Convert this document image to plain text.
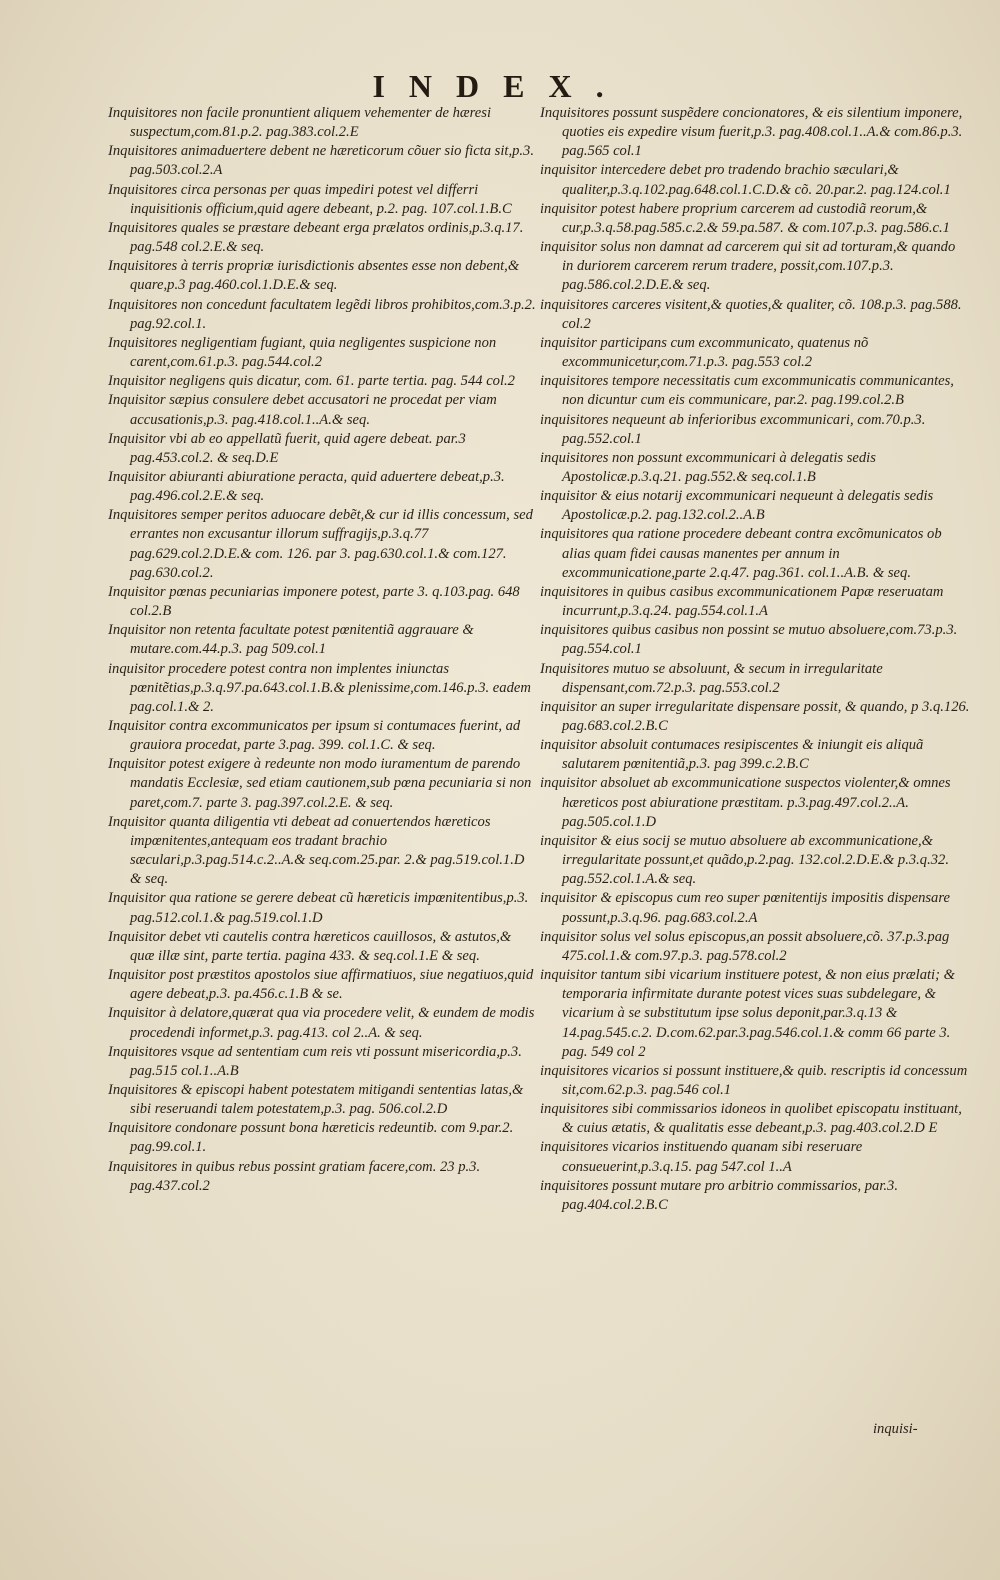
INDEX.
Inquisitores non facile pronuntient aliquem vehementer de hæresi suspectum,com.81.p.2. pag.383.col.2.E
Inquisitores animaduertere debent ne hæreticorum cõuer sio ficta sit,p.3. pag.503.col.2.A
Inquisitores circa personas per quas impediri potest vel differri inquisitionis officium,quid agere debeant, p.2. pag. 107.col.1.B.C
Inquisitores quales se præstare debeant erga prælatos ordinis,p.3.q.17. pag.548 col.2.E.& seq.
Inquisitores à terris propriæ iurisdictionis absentes esse non debent,& quare,p.3 pag.460.col.1.D.E.& seq.
Inquisitores non concedunt facultatem legẽdi libros prohibitos,com.3.p.2. pag.92.col.1.
Inquisitores negligentiam fugiant, quia negligentes suspicione non carent,com.61.p.3. pag.544.col.2
Inquisitor negligens quis dicatur, com. 61. parte tertia. pag. 544 col.2
Inquisitor sæpius consulere debet accusatori ne procedat per viam accusationis,p.3. pag.418.col.1..A.& seq.
Inquisitor vbi ab eo appellatũ fuerit, quid agere debeat. par.3 pag.453.col.2. & seq.D.E
Inquisitor abiuranti abiuratione peracta, quid aduertere debeat,p.3. pag.496.col.2.E.& seq.
Inquisitores semper peritos aduocare debẽt,& cur id illis concessum, sed errantes non excusantur illorum suffragijs,p.3.q.77 pag.629.col.2.D.E.& com. 126. par 3. pag.630.col.1.& com.127. pag.630.col.2.
Inquisitor pœnas pecuniarias imponere potest, parte 3. q.103.pag. 648 col.2.B
Inquisitor non retenta facultate potest pœnitentiã aggrauare & mutare.com.44.p.3. pag 509.col.1
inquisitor procedere potest contra non implentes iniunctas pœnitẽtias,p.3.q.97.pa.643.col.1.B.& plenissime,com.146.p.3. eadem pag.col.1.& 2.
Inquisitor contra excommunicatos per ipsum si contumaces fuerint, ad grauiora procedat, parte 3.pag. 399. col.1.C. & seq.
Inquisitor potest exigere à redeunte non modo iuramentum de parendo mandatis Ecclesiæ, sed etiam cautionem,sub pœna pecuniaria si non paret,com.7. parte 3. pag.397.col.2.E. & seq.
Inquisitor quanta diligentia vti debeat ad conuertendos hæreticos impœnitentes,antequam eos tradant brachio sæculari,p.3.pag.514.c.2..A.& seq.com.25.par. 2.& pag.519.col.1.D & seq.
Inquisitor qua ratione se gerere debeat cũ hæreticis impœnitentibus,p.3. pag.512.col.1.& pag.519.col.1.D
Inquisitor debet vti cautelis contra hæreticos cauillosos, & astutos,& quæ illæ sint, parte tertia. pagina 433. & seq.col.1.E & seq.
Inquisitor post præstitos apostolos siue affirmatiuos, siue negatiuos,quid agere debeat,p.3. pa.456.c.1.B & se.
Inquisitor à delatore,quærat qua via procedere velit, & eundem de modis procedendi informet,p.3. pag.413. col 2..A. & seq.
Inquisitores vsque ad sententiam cum reis vti possunt misericordia,p.3. pag.515 col.1..A.B
Inquisitores & episcopi habent potestatem mitigandi sententias latas,& sibi reseruandi talem potestatem,p.3. pag. 506.col.2.D
Inquisitore condonare possunt bona hæreticis redeuntib. com 9.par.2. pag.99.col.1.
Inquisitores in quibus rebus possint gratiam facere,com. 23 p.3. pag.437.col.2
Inquisitores possunt suspẽdere concionatores, & eis silentium imponere, quoties eis expedire visum fuerit,p.3. pag.408.col.1..A.& com.86.p.3. pag.565 col.1
inquisitor intercedere debet pro tradendo brachio sæculari,& qualiter,p.3.q.102.pag.648.col.1.C.D.& cõ. 20.par.2. pag.124.col.1
inquisitor potest habere proprium carcerem ad custodiã reorum,& cur,p.3.q.58.pag.585.c.2.& 59.pa.587. & com.107.p.3. pag.586.c.1
inquisitor solus non damnat ad carcerem qui sit ad torturam,& quando in duriorem carcerem rerum tradere, possit,com.107.p.3. pag.586.col.2.D.E.& seq.
inquisitores carceres visitent,& quoties,& qualiter, cõ. 108.p.3. pag.588. col.2
inquisitor participans cum excommunicato, quatenus nõ excommunicetur,com.71.p.3. pag.553 col.2
inquisitores tempore necessitatis cum excommunicatis communicantes, non dicuntur cum eis communicare, par.2. pag.199.col.2.B
inquisitores nequeunt ab inferioribus excommunicari, com.70.p.3. pag.552.col.1
inquisitores non possunt excommunicari à delegatis sedis Apostolicæ.p.3.q.21. pag.552.& seq.col.1.B
inquisitor & eius notarij excommunicari nequeunt à delegatis sedis Apostolicæ.p.2. pag.132.col.2..A.B
inquisitores qua ratione procedere debeant contra excõmunicatos ob alias quam fidei causas manentes per annum in excommunicatione,parte 2.q.47. pag.361. col.1..A.B. & seq.
inquisitores in quibus casibus excommunicationem Papæ reseruatam incurrunt,p.3.q.24. pag.554.col.1.A
inquisitores quibus casibus non possint se mutuo absoluere,com.73.p.3. pag.554.col.1
Inquisitores mutuo se absoluunt, & secum in irregularitate dispensant,com.72.p.3. pag.553.col.2
inquisitor an super irregularitate dispensare possit, & quando, p 3.q.126. pag.683.col.2.B.C
inquisitor absoluit contumaces resipiscentes & iniungit eis aliquã salutarem pœnitentiã,p.3. pag 399.c.2.B.C
inquisitor absoluet ab excommunicatione suspectos violenter,& omnes hæreticos post abiuratione præstitam. p.3.pag.497.col.2..A. pag.505.col.1.D
inquisitor & eius socij se mutuo absoluere ab excommunicatione,& irregularitate possunt,et quãdo,p.2.pag. 132.col.2.D.E.& p.3.q.32. pag.552.col.1.A.& seq.
inquisitor & episcopus cum reo super pœnitentijs impositis dispensare possunt,p.3.q.96. pag.683.col.2.A
inquisitor solus vel solus episcopus,an possit absoluere,cõ. 37.p.3.pag 475.col.1.& com.97.p.3. pag.578.col.2
inquisitor tantum sibi vicarium instituere potest, & non eius prælati; & temporaria infirmitate durante potest vices suas subdelegare, & vicarium à se substitutum ipse solus deponit,par.3.q.13 & 14.pag.545.c.2. D.com.62.par.3.pag.546.col.1.& comm 66 parte 3. pag. 549 col 2
inquisitores vicarios si possunt instituere,& quib. rescriptis id concessum sit,com.62.p.3. pag.546 col.1
inquisitores sibi commissarios idoneos in quolibet episcopatu instituant, & cuius ætatis, & qualitatis esse debeant,p.3. pag.403.col.2.D E
inquisitores vicarios instituendo quanam sibi reseruare consueuerint,p.3.q.15. pag 547.col 1..A
inquisitores possunt mutare pro arbitrio commissarios, par.3. pag.404.col.2.B.C
inquisi-
